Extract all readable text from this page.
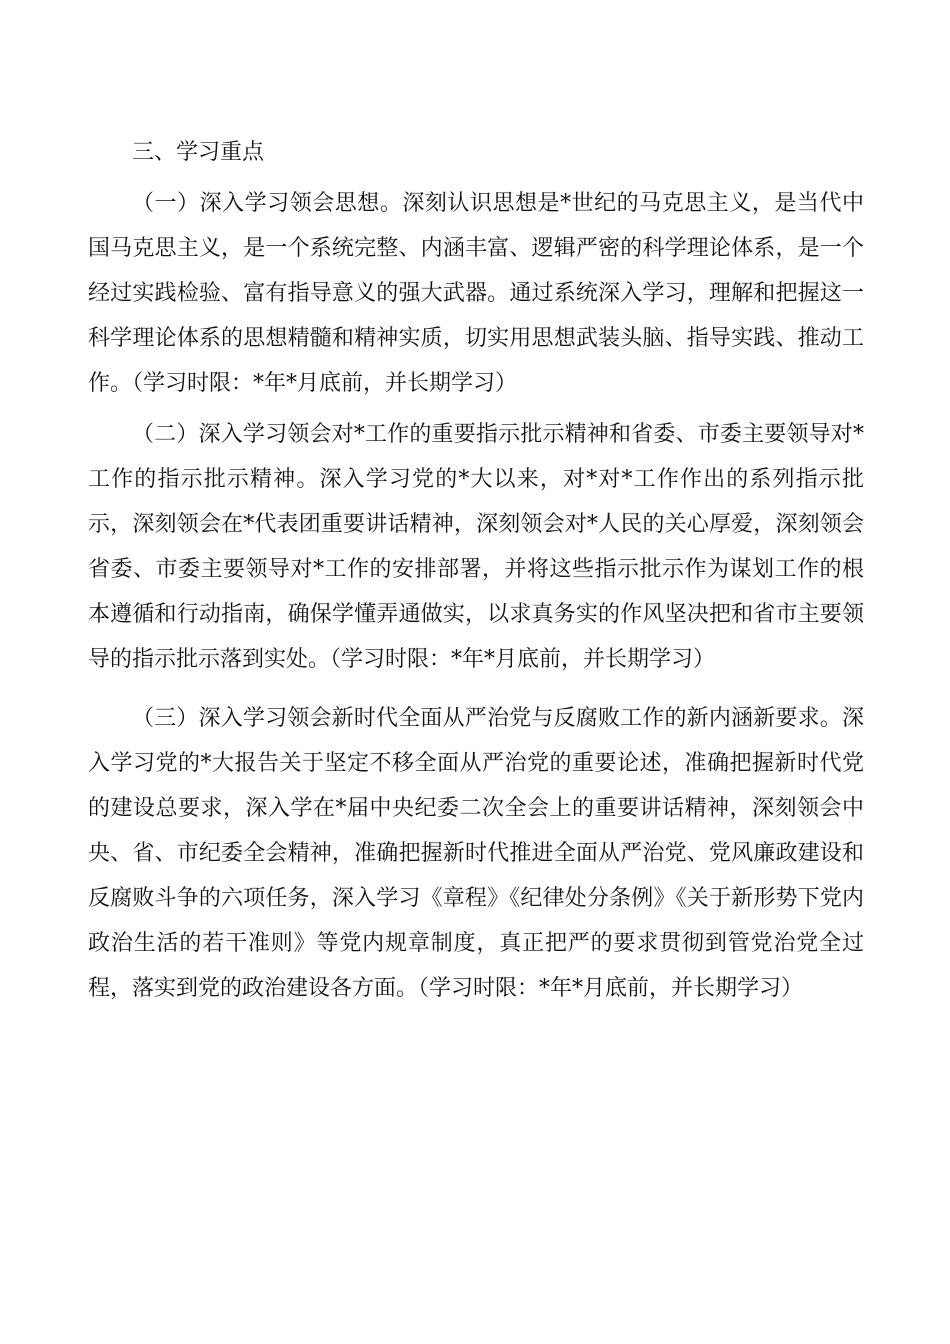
三、学习重点

（一）深入学习领会思想。深刻认识思想是*世纪的马克思主义，是当代中国马克思主义，是一个系统完整、内涵丰富、逻辑严密的科学理论体系，是一个经过实践检验、富有指导意义的强大武器。通过系统深入学习，理解和把握这一科学理论体系的思想精髓和精神实质，切实用思想武装头脑、指导实践、推动工作。（学习时限：*年*月底前，并长期学习）

（二）深入学习领会对*工作的重要指示批示精神和省委、市委主要领导对*工作的指示批示精神。深入学习党的*大以来，对*对*工作作出的系列指示批示，深刻领会在*代表团重要讲话精神，深刻领会对*人民的关心厚爱，深刻领会省委、市委主要领导对*工作的安排部署，并将这些指示批示作为谋划工作的根本遵循和行动指南，确保学懂弄通做实，以求真务实的作风坚决把和省市主要领导的指示批示落到实处。（学习时限：*年*月底前，并长期学习）

（三）深入学习领会新时代全面从严治党与反腐败工作的新内涵新要求。深入学习党的*大报告关于坚定不移全面从严治党的重要论述，准确把握新时代党的建设总要求，深入学在*届中央纪委二次全会上的重要讲话精神，深刻领会中央、省、市纪委全会精神，准确把握新时代推进全面从严治党、党风廉政建设和反腐败斗争的六项任务，深入学习《章程》《纪律处分条例》《关于新形势下党内政治生活的若干准则》等党内规章制度，真正把严的要求贯彻到管党治党全过程，落实到党的政治建设各方面。（学习时限：*年*月底前，并长期学习）
